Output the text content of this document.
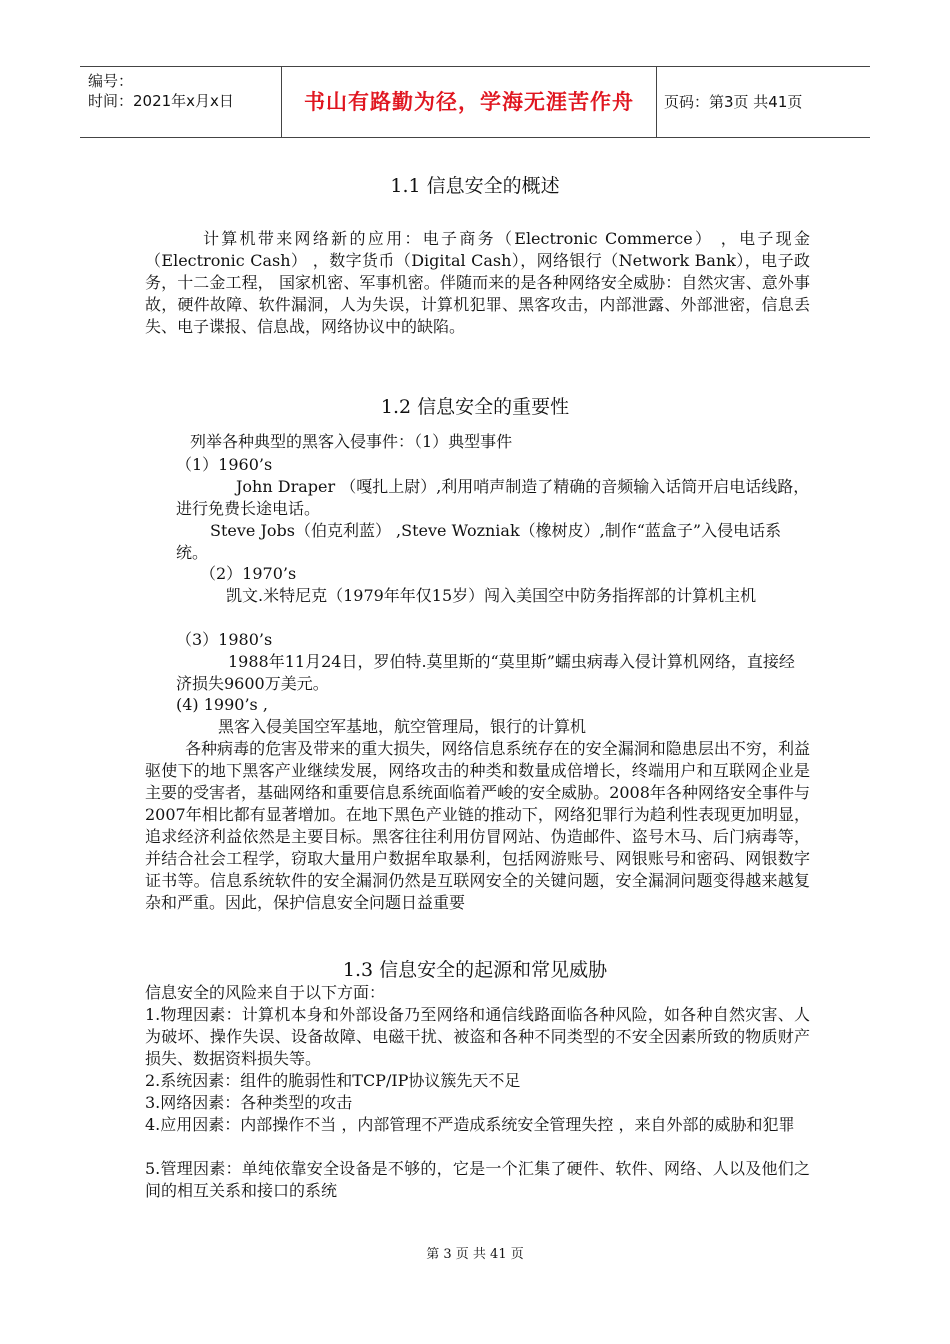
编号：
时间：2021年x月x日	书山有路勤为径，学海无涯苦作舟	页码：第3页 共41页
1.1 信息安全的概述

计算机带来网络新的应用：电子商务（Electronic Commerce） ，电子现金（Electronic Cash） ，数字货币（Digital Cash），网络银行（Network Bank），电子政务，十二金工程， 国家机密、军事机密。伴随而来的是各种网络安全威胁：自然灾害、意外事故，硬件故障、软件漏洞，人为失误，计算机犯罪、黑客攻击，内部泄露、外部泄密，信息丢失、电子谍报、信息战，网络协议中的缺陷。

1.2 信息安全的重要性
列举各种典型的黑客入侵事件：（1）典型事件
（1）1960’s

John Draper （嘎扎上尉）,利用哨声制造了精确的音频输入话筒开启电话线路，进行免费长途电话。

Steve Jobs（伯克利蓝） ,Steve Wozniak（橡树皮）,制作“蓝盒子”入侵电话系统。

（2）1970’s

凯文.米特尼克（1979年年仅15岁）闯入美国空中防务指挥部的计算机主机

（3）1980’s

1988年11月24日，罗伯特.莫里斯的“莫里斯”蠕虫病毒入侵计算机网络，直接经济损失9600万美元。

(4) 1990’s ,
黑客入侵美国空军基地，航空管理局，银行的计算机

各种病毒的危害及带来的重大损失，网络信息系统存在的安全漏洞和隐患层出不穷，利益驱使下的地下黑客产业继续发展，网络攻击的种类和数量成倍增长，终端用户和互联网企业是主要的受害者，基础网络和重要信息系统面临着严峻的安全威胁。2008年各种网络安全事件与2007年相比都有显著增加。在地下黑色产业链的推动下，网络犯罪行为趋利性表现更加明显，追求经济利益依然是主要目标。黑客往往利用仿冒网站、伪造邮件、盗号木马、后门病毒等，并结合社会工程学，窃取大量用户数据牟取暴利，包括网游账号、网银账号和密码、网银数字证书等。信息系统软件的安全漏洞仍然是互联网安全的关键问题，安全漏洞问题变得越来越复杂和严重。因此，保护信息安全问题日益重要

1.3 信息安全的起源和常见威胁
信息安全的风险来自于以下方面：

1.物理因素：计算机本身和外部设备乃至网络和通信线路面临各种风险，如各种自然灾害、人为破坏、操作失误、设备故障、电磁干扰、被盗和各种不同类型的不安全因素所致的物质财产损失、数据资料损失等。

2.系统因素：组件的脆弱性和TCP/IP协议簇先天不足
3.网络因素：各种类型的攻击

4.应用因素：内部操作不当 ，内部管理不严造成系统安全管理失控 ，来自外部的威胁和犯罪

5.管理因素：单纯依靠安全设备是不够的，它是一个汇集了硬件、软件、网络、人以及他们之间的相互关系和接口的系统

第 3 页 共 41 页
